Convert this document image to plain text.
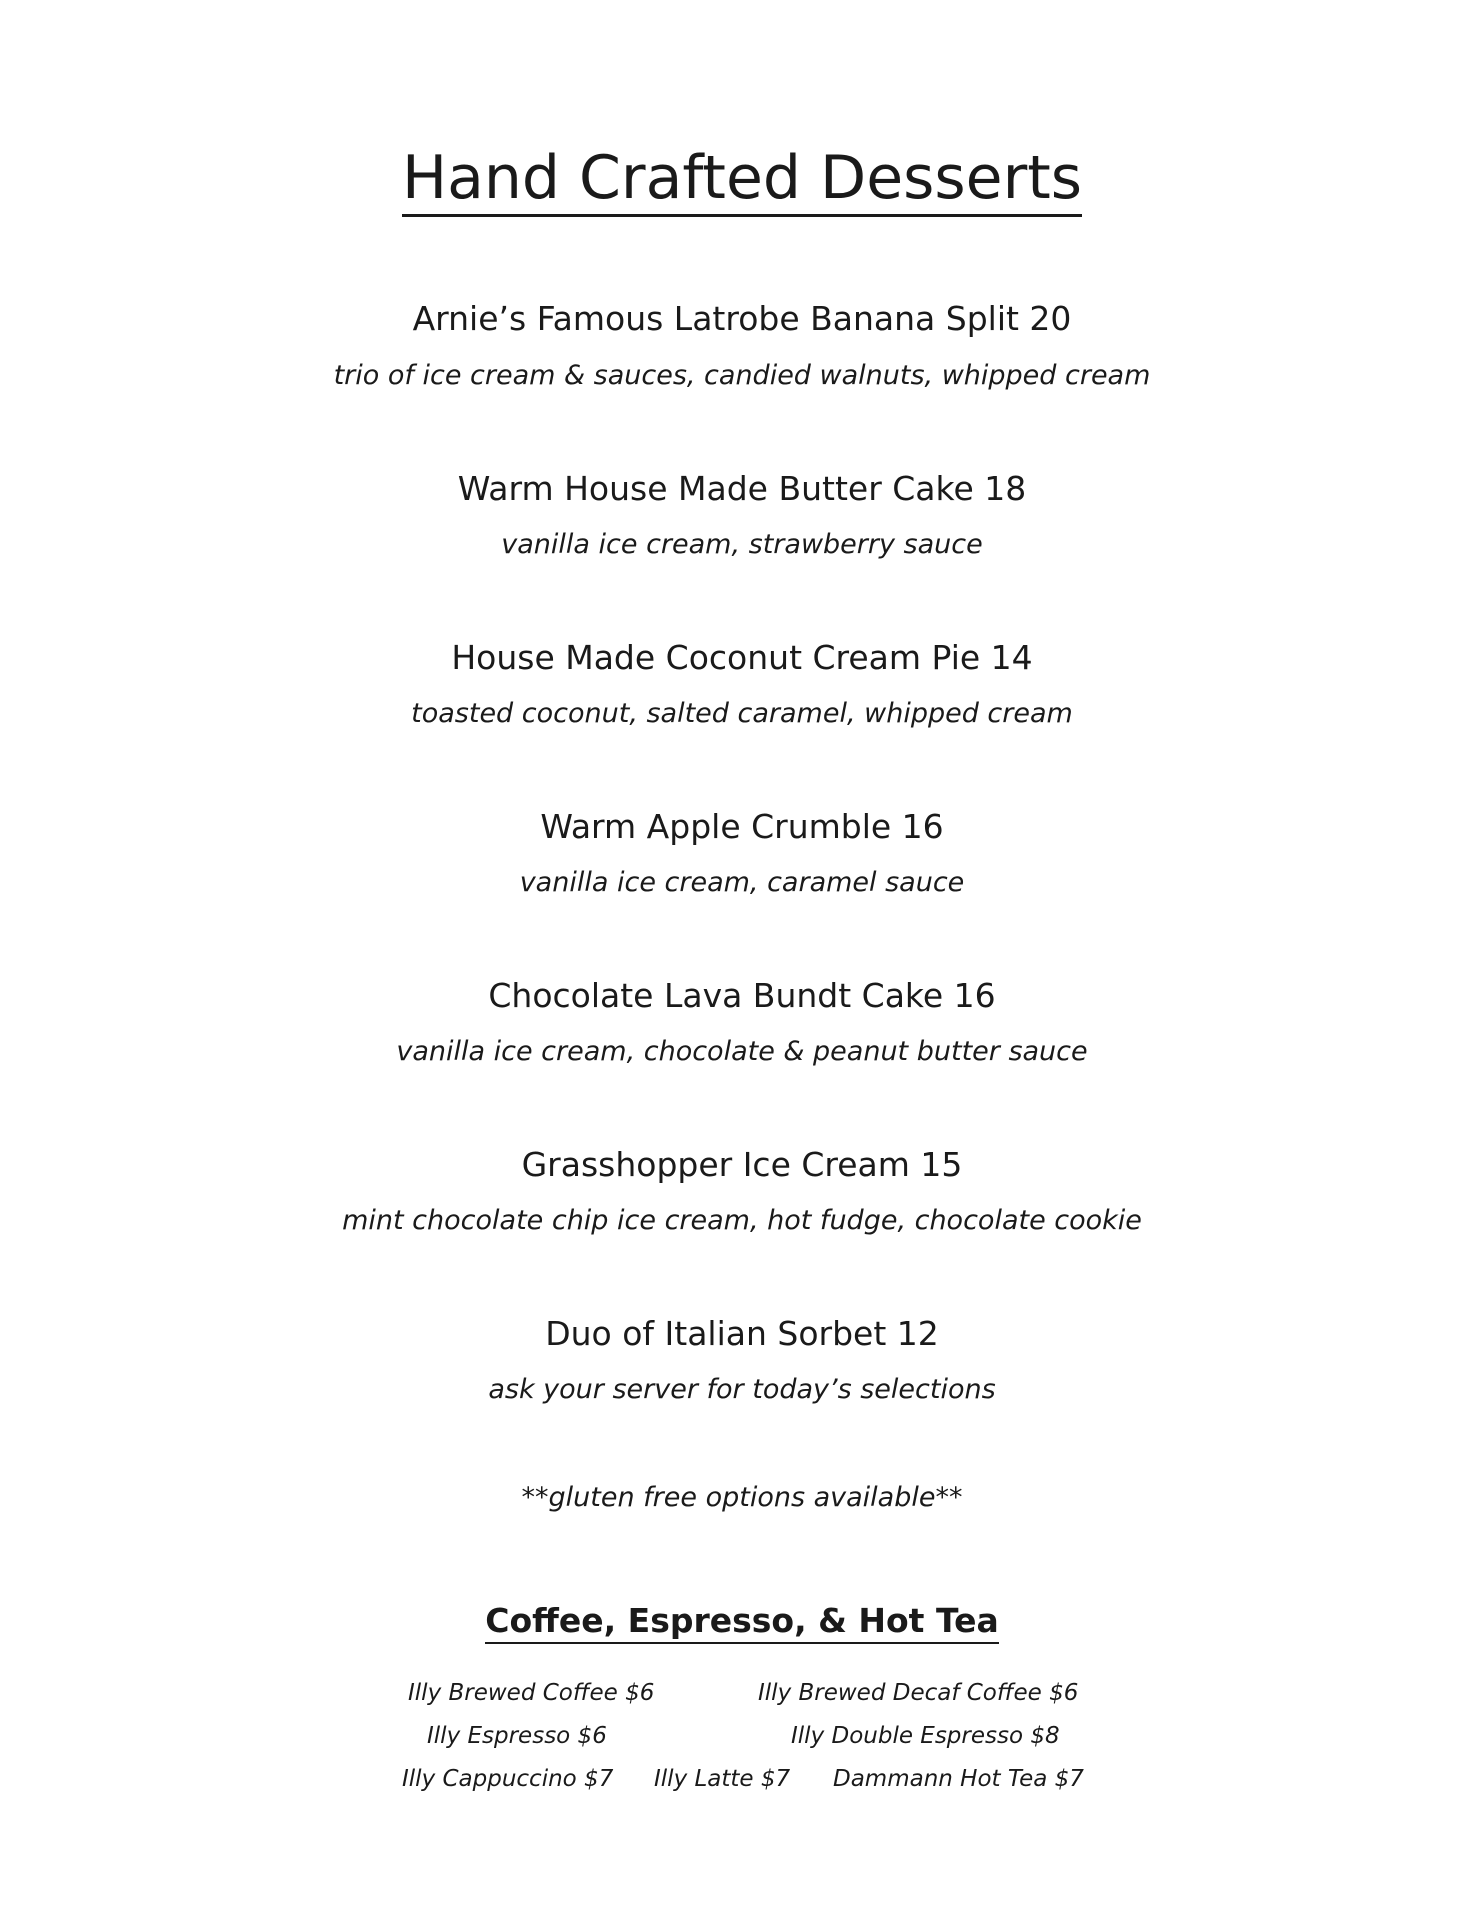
Hand Crafted Desserts

Arnie’s Famous Latrobe Banana Split 20

trio of ice cream & sauces, candied walnuts, whipped cream

Warm House Made Butter Cake 18

vanilla ice cream, strawberry sauce

House Made Coconut Cream Pie 14

toasted coconut, salted caramel, whipped cream

Warm Apple Crumble 16

vanilla ice cream, caramel sauce

Chocolate Lava Bundt Cake 16

vanilla ice cream, chocolate & peanut butter sauce

Grasshopper Ice Cream 15

mint chocolate chip ice cream, hot fudge, chocolate cookie

Duo of Italian Sorbet 12

ask your server for today’s selections

**gluten free options available**

Coffee, Espresso, & Hot Tea
Illy Brewed Coffee $6	Illy Brewed Decaf Coffee $6
Illy Espresso $6	Illy Double Espresso $8
Illy Cappuccino $7 Illy Latte $7 Dammann Hot Tea $7
